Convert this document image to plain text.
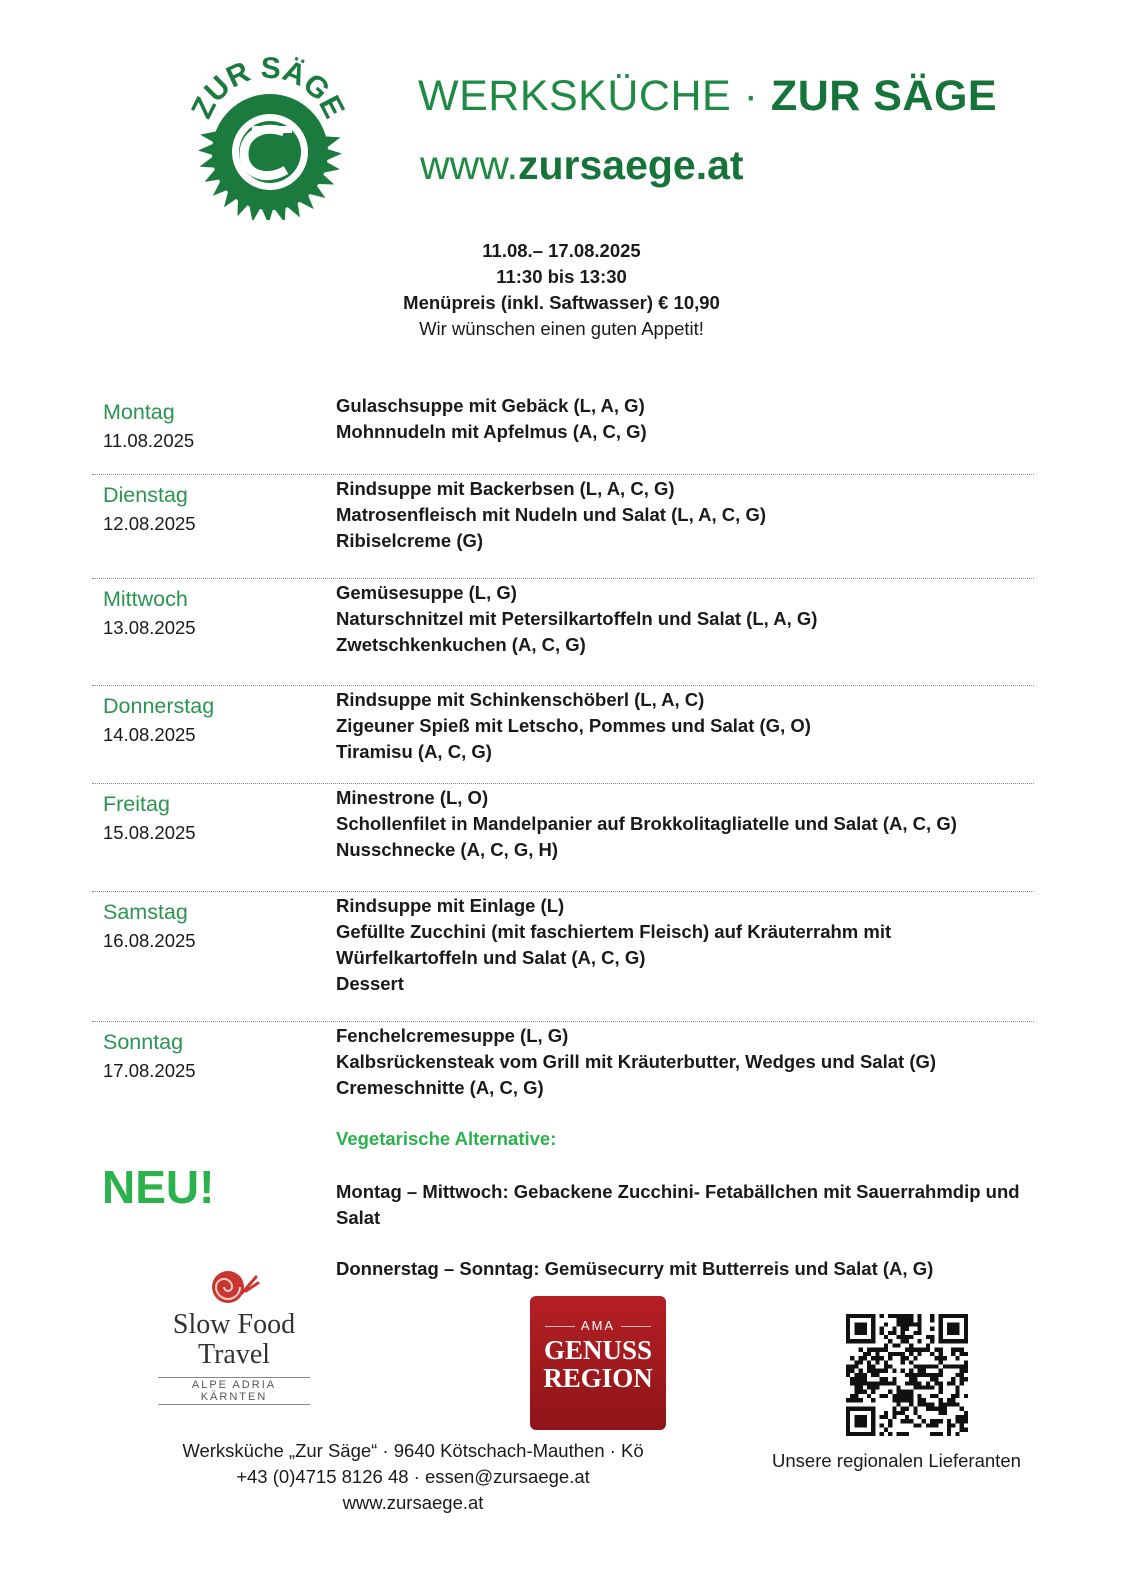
ZUR SÄGE WERKSKÜCHE · ZUR SÄGE
www.zursaege.at
11.08.– 17.08.2025
11:30 bis 13:30
Menüpreis (inkl. Saftwasser) € 10,90
Wir wünschen einen guten Appetit!
Montag
11.08.2025
Gulaschsuppe mit Gebäck (L, A, G)
Mohnnudeln mit Apfelmus (A, C, G)
Dienstag
12.08.2025
Rindsuppe mit Backerbsen (L, A, C, G)
Matrosenfleisch mit Nudeln und Salat (L, A, C, G)
Ribiselcreme (G)
Mittwoch
13.08.2025
Gemüsesuppe (L, G)
Naturschnitzel mit Petersilkartoffeln und Salat (L, A, G)
Zwetschkenkuchen (A, C, G)
Donnerstag
14.08.2025
Rindsuppe mit Schinkenschöberl (L, A, C)
Zigeuner Spieß mit Letscho, Pommes und Salat (G, O)
Tiramisu (A, C, G)
Freitag
15.08.2025
Minestrone (L, O)
Schollenfilet in Mandelpanier auf Brokkolitagliatelle und Salat (A, C, G)
Nusschnecke (A, C, G, H)
Samstag
16.08.2025
Rindsuppe mit Einlage (L)
Gefüllte Zucchini (mit faschiertem Fleisch) auf Kräuterrahm mit
Würfelkartoffeln und Salat (A, C, G)
Dessert
Sonntag
17.08.2025
Fenchelcremesuppe (L, G)
Kalbsrückensteak vom Grill mit Kräuterbutter, Wedges und Salat (G)
Cremeschnitte (A, C, G)
Vegetarische Alternative:
NEU!	Montag – Mittwoch: Gebackene Zucchini- Fetabällchen mit Sauerrahmdip und Salat
Donnerstag – Sonntag: Gemüsecurry mit Butterreis und Salat (A, G)
Slow Food
Travel
ALPE ADRIA KÄRNTEN
AMA
GENUSS
REGION
Unsere regionalen Lieferanten
Werksküche „Zur Säge“ · 9640 Kötschach-Mauthen · Kö
+43 (0)4715 8126 48 · essen@zursaege.at
www.zursaege.at
